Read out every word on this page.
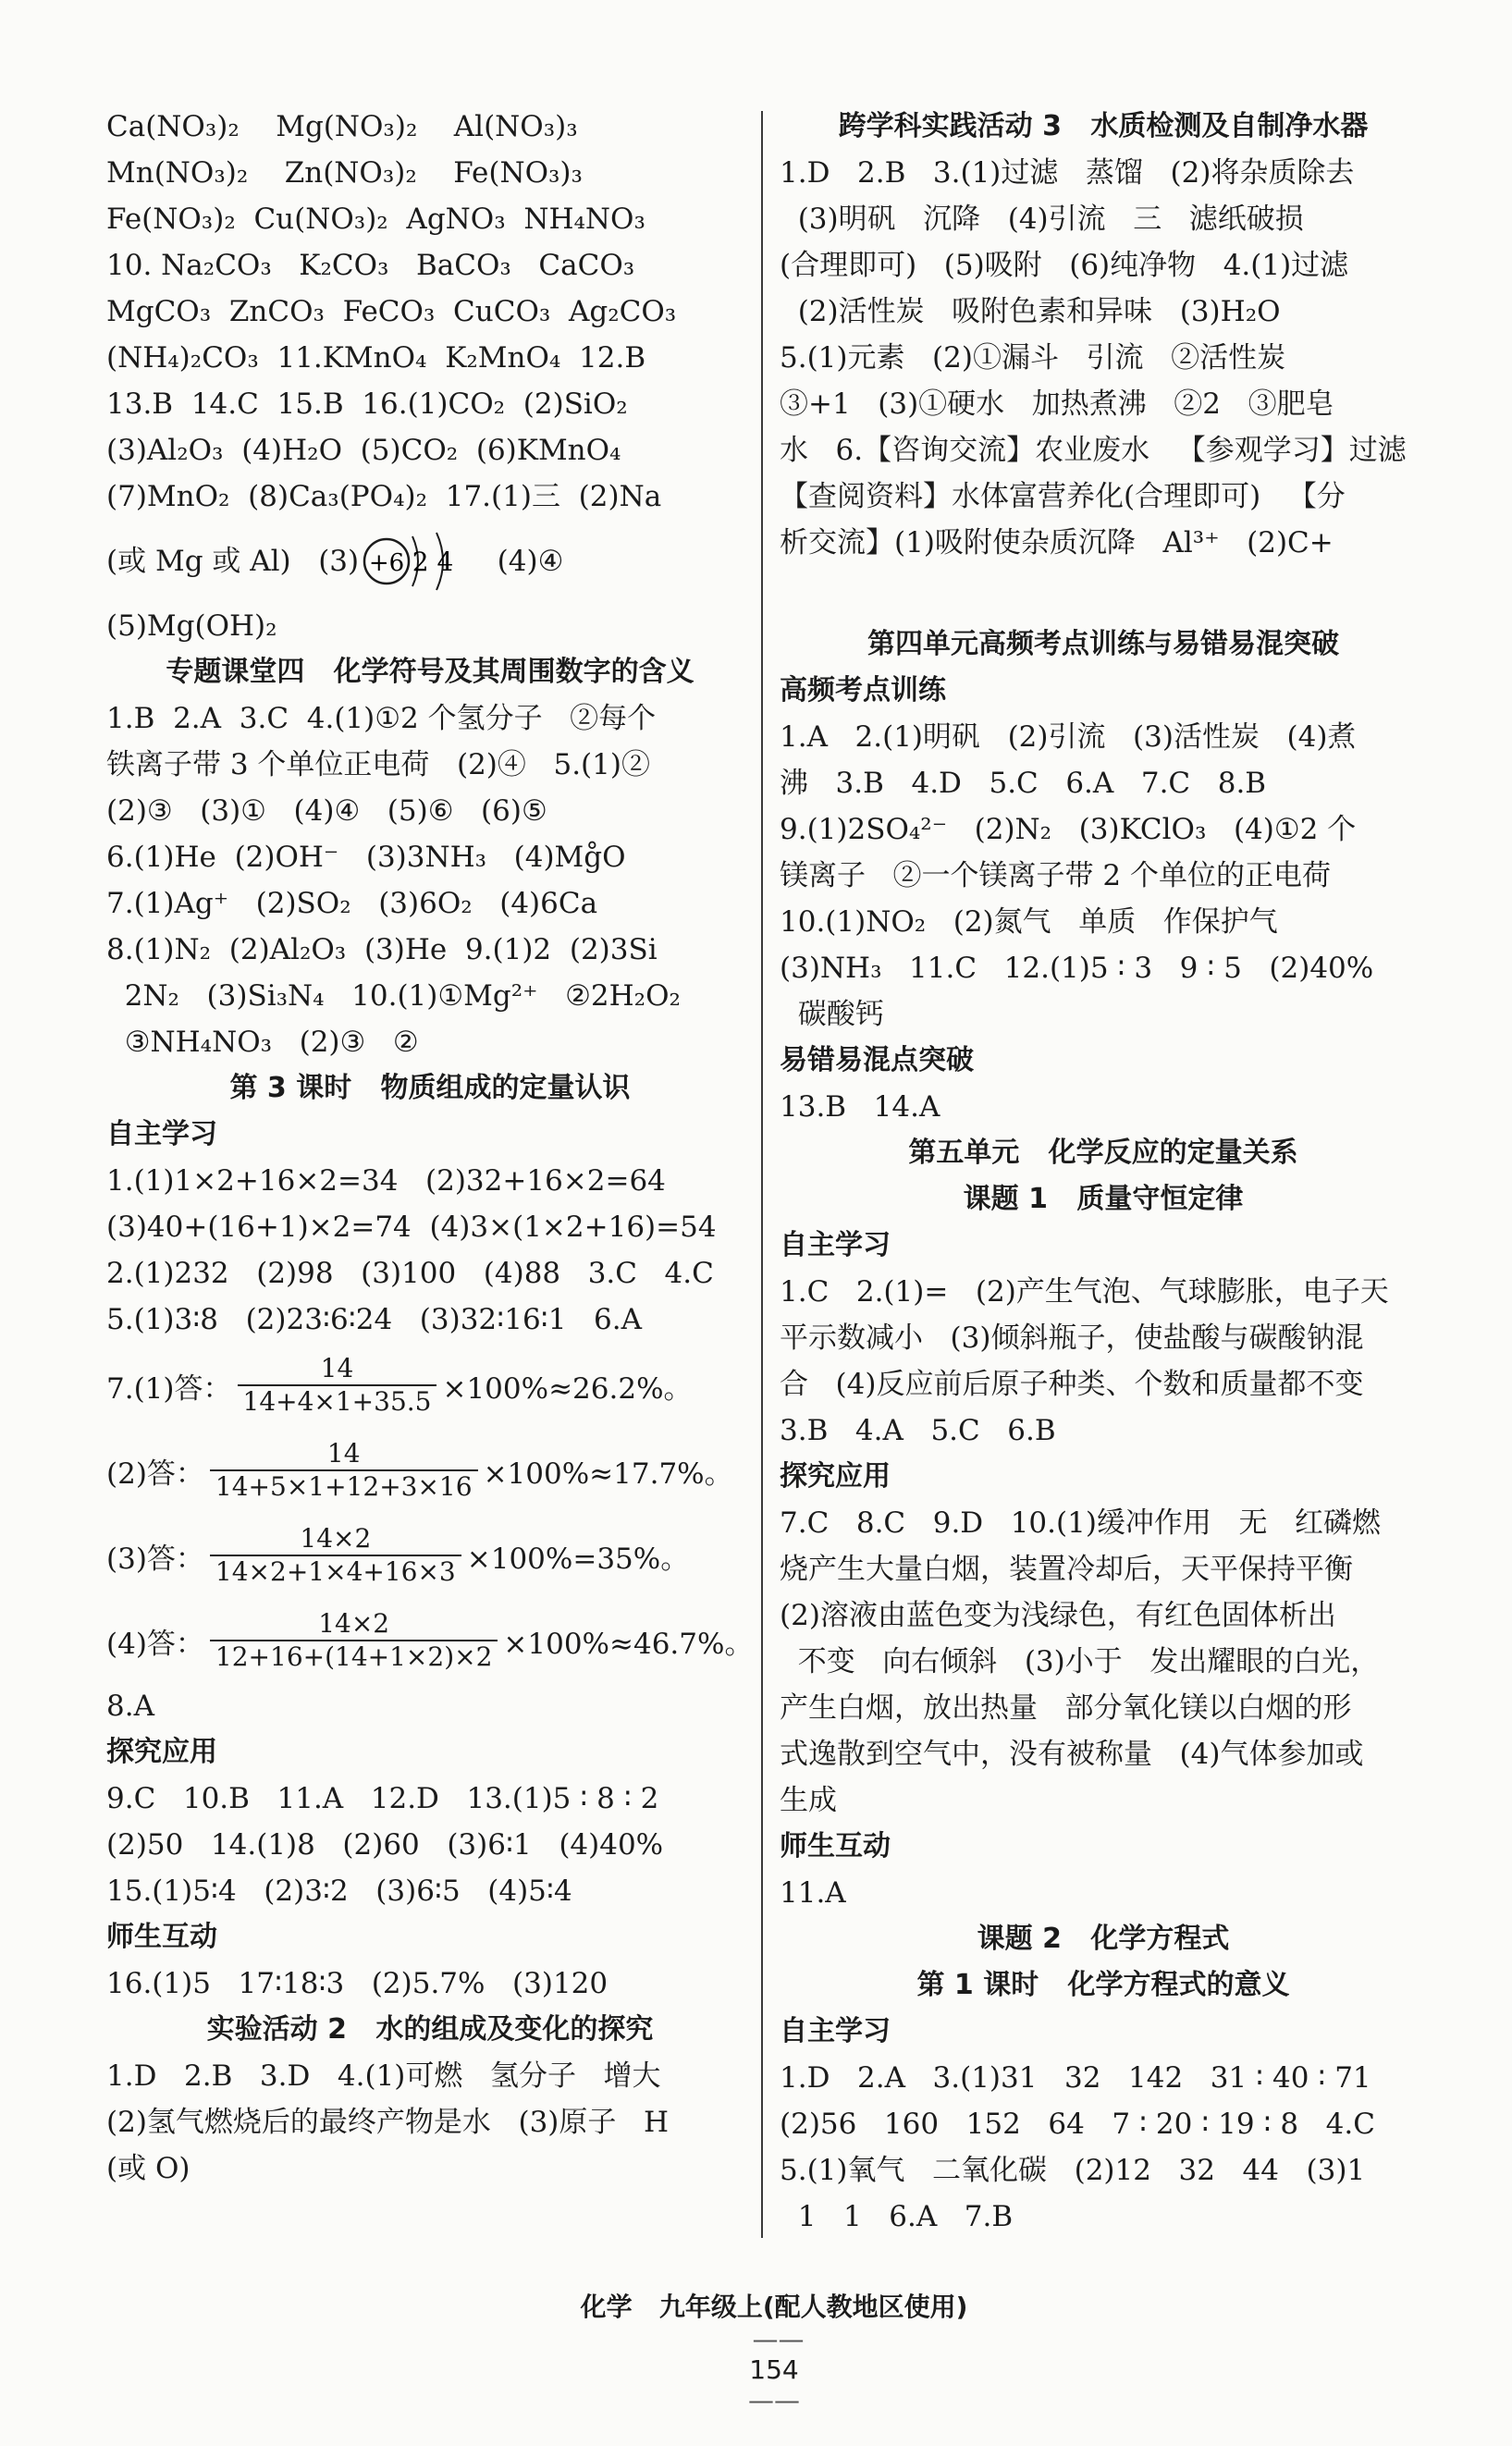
Ca(NO₃)₂    Mg(NO₃)₂    Al(NO₃)₃
Mn(NO₃)₂    Zn(NO₃)₂    Fe(NO₃)₃
Fe(NO₃)₂  Cu(NO₃)₂  AgNO₃  NH₄NO₃
10. Na₂CO₃   K₂CO₃   BaCO₃   CaCO₃
MgCO₃  ZnCO₃  FeCO₃  CuCO₃  Ag₂CO₃
(NH₄)₂CO₃  11.KMnO₄  K₂MnO₄  12.B
13.B  14.C  15.B  16.(1)CO₂  (2)SiO₂
(3)Al₂O₃  (4)H₂O  (5)CO₂  (6)KMnO₄
(7)MnO₂  (8)Ca₃(PO₄)₂  17.(1)三  (2)Na
(或 Mg 或 Al)   (3) +6 2 4 (4)④
(5)Mg(OH)₂
专题课堂四   化学符号及其周围数字的含义
1.B  2.A  3.C  4.(1)①2 个氢分子   ②每个
铁离子带 3 个单位正电荷   (2)④   5.(1)②
(2)③   (3)①   (4)④   (5)⑥   (6)⑤
6.(1)He  (2)OH⁻   (3)3NH₃   (4)Mg̊O
7.(1)Ag⁺   (2)SO₂   (3)6O₂   (4)6Ca
8.(1)N₂  (2)Al₂O₃  (3)He  9.(1)2  (2)3Si
2N₂   (3)Si₃N₄   10.(1)①Mg²⁺   ②2H₂O₂
③NH₄NO₃   (2)③   ②
第 3 课时   物质组成的定量认识
自主学习
1.(1)1×2+16×2=34   (2)32+16×2=64
(3)40+(16+1)×2=74  (4)3×(1×2+16)=54
2.(1)232   (2)98   (3)100   (4)88   3.C   4.C
5.(1)3∶8   (2)23∶6∶24   (3)32∶16∶1   6.A
7.(1)答： $\frac{14}{14+4\times 1+35.5} \times 100\%\approx 26.2\%$。
(2)答： $\frac{14}{14+5\times 1+12+3\times 16} \times 100\%\approx 17.7\%$。
(3)答： $\frac{14\times 2}{14\times 2+1\times 4+16\times 3} \times 100\%=35\%$。
(4)答： $\frac{14\times 2}{12+16+(14+1\times 2)\times 2} \times 100\%\approx 46.7\%$。
8.A
探究应用
9.C   10.B   11.A   12.D   13.(1)5 ∶ 8 ∶ 2
(2)50   14.(1)8   (2)60   (3)6∶1   (4)40%
15.(1)5∶4   (2)3∶2   (3)6∶5   (4)5∶4
师生互动
16.(1)5   17∶18∶3   (2)5.7%   (3)120
实验活动 2   水的组成及变化的探究
1.D   2.B   3.D   4.(1)可燃   氢分子   增大
(2)氢气燃烧后的最终产物是水   (3)原子   H
(或 O)
跨学科实践活动 3   水质检测及自制净水器
1.D   2.B   3.(1)过滤   蒸馏   (2)将杂质除去
(3)明矾   沉降   (4)引流   三   滤纸破损
(合理即可)   (5)吸附   (6)纯净物   4.(1)过滤
(2)活性炭   吸附色素和异味   (3)H₂O
5.(1)元素   (2)①漏斗   引流   ②活性炭
③+1   (3)①硬水   加热煮沸   ②2   ③肥皂
水   6.【咨询交流】农业废水   【参观学习】过滤
【查阅资料】水体富营养化(合理即可)   【分
析交流】(1)吸附使杂质沉降   Al³⁺   (2)C+

第四单元高频考点训练与易错易混突破
高频考点训练
1.A   2.(1)明矾   (2)引流   (3)活性炭   (4)煮
沸   3.B   4.D   5.C   6.A   7.C   8.B
9.(1)2SO₄²⁻   (2)N₂   (3)KClO₃   (4)①2 个
镁离子   ②一个镁离子带 2 个单位的正电荷
10.(1)NO₂   (2)氮气   单质   作保护气
(3)NH₃   11.C   12.(1)5 ∶ 3   9 ∶ 5   (2)40%
碳酸钙
易错易混点突破
13.B   14.A
第五单元   化学反应的定量关系
课题 1   质量守恒定律
自主学习
1.C   2.(1)=   (2)产生气泡、气球膨胀，电子天
平示数减小   (3)倾斜瓶子，使盐酸与碳酸钠混
合   (4)反应前后原子种类、个数和质量都不变
3.B   4.A   5.C   6.B
探究应用
7.C   8.C   9.D   10.(1)缓冲作用   无   红磷燃
烧产生大量白烟，装置冷却后，天平保持平衡
(2)溶液由蓝色变为浅绿色，有红色固体析出
不变   向右倾斜   (3)小于   发出耀眼的白光，
产生白烟，放出热量   部分氧化镁以白烟的形
式逸散到空气中，没有被称量   (4)气体参加或
生成
师生互动
11.A
课题 2   化学方程式
第 1 课时   化学方程式的意义
自主学习
1.D   2.A   3.(1)31   32   142   31 ∶ 40 ∶ 71
(2)56   160   152   64   7 ∶ 20 ∶ 19 ∶ 8   4.C
5.(1)氧气   二氧化碳   (2)12   32   44   (3)1
1   1   6.A   7.B

化学   九年级上(配人教地区使用)
——
154
——
